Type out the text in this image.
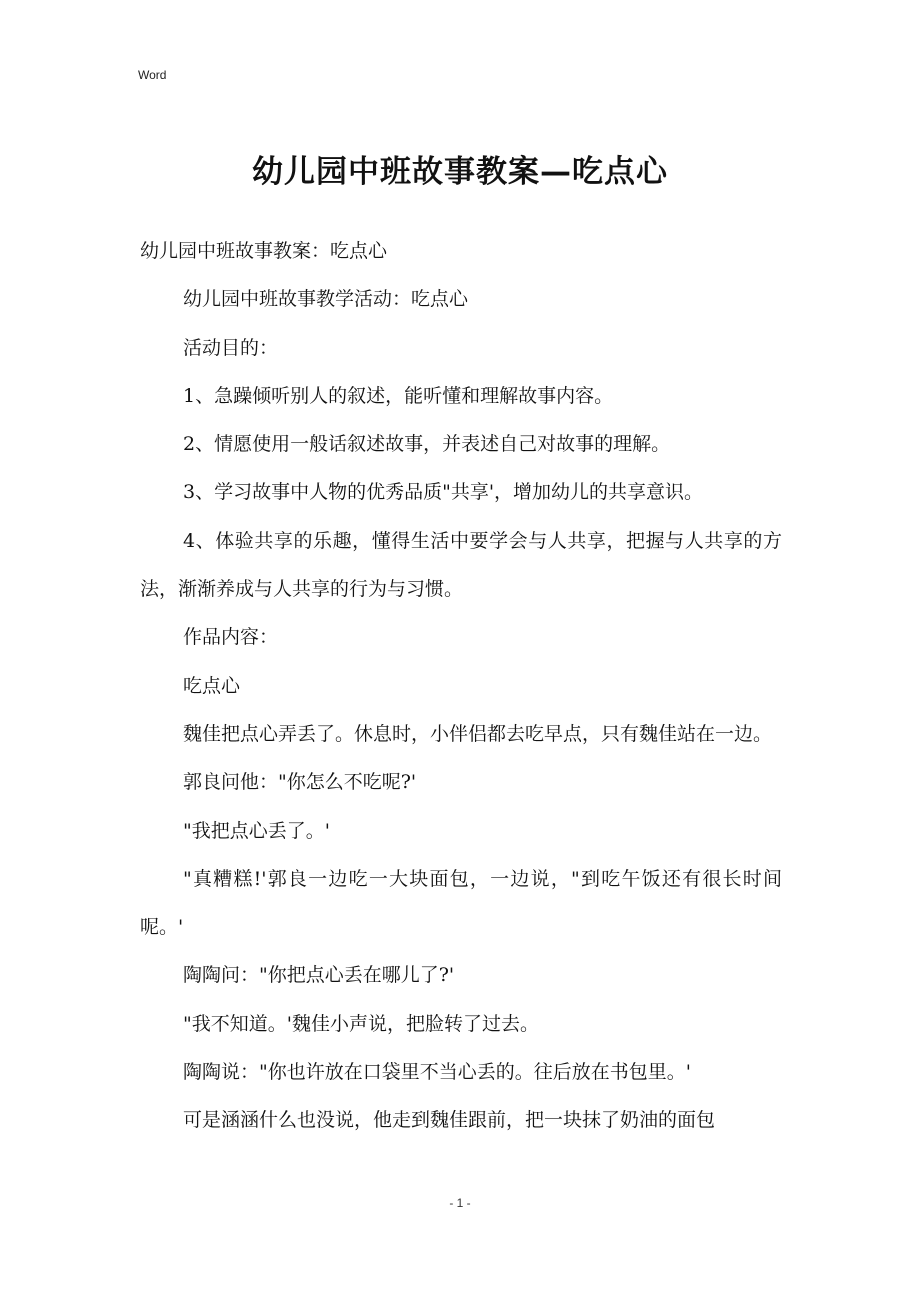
Word
幼儿园中班故事教案—吃点心

幼儿园中班故事教案：吃点心

幼儿园中班故事教学活动：吃点心

活动目的：

1、急躁倾听别人的叙述，能听懂和理解故事内容。

2、情愿使用一般话叙述故事，并表述自己对故事的理解。

3、学习故事中人物的优秀品质"共享'，增加幼儿的共享意识。

4、体验共享的乐趣，懂得生活中要学会与人共享，把握与人共享的方法，渐渐养成与人共享的行为与习惯。

作品内容：

吃点心

魏佳把点心弄丢了。休息时，小伴侣都去吃早点，只有魏佳站在一边。

郭良问他："你怎么不吃呢?'

"我把点心丢了。'

"真糟糕!'郭良一边吃一大块面包，一边说，"到吃午饭还有很长时间呢。'

陶陶问："你把点心丢在哪儿了?'

"我不知道。'魏佳小声说，把脸转了过去。

陶陶说："你也许放在口袋里不当心丢的。往后放在书包里。'

可是涵涵什么也没说，他走到魏佳跟前，把一块抹了奶油的面包

- 1 -
